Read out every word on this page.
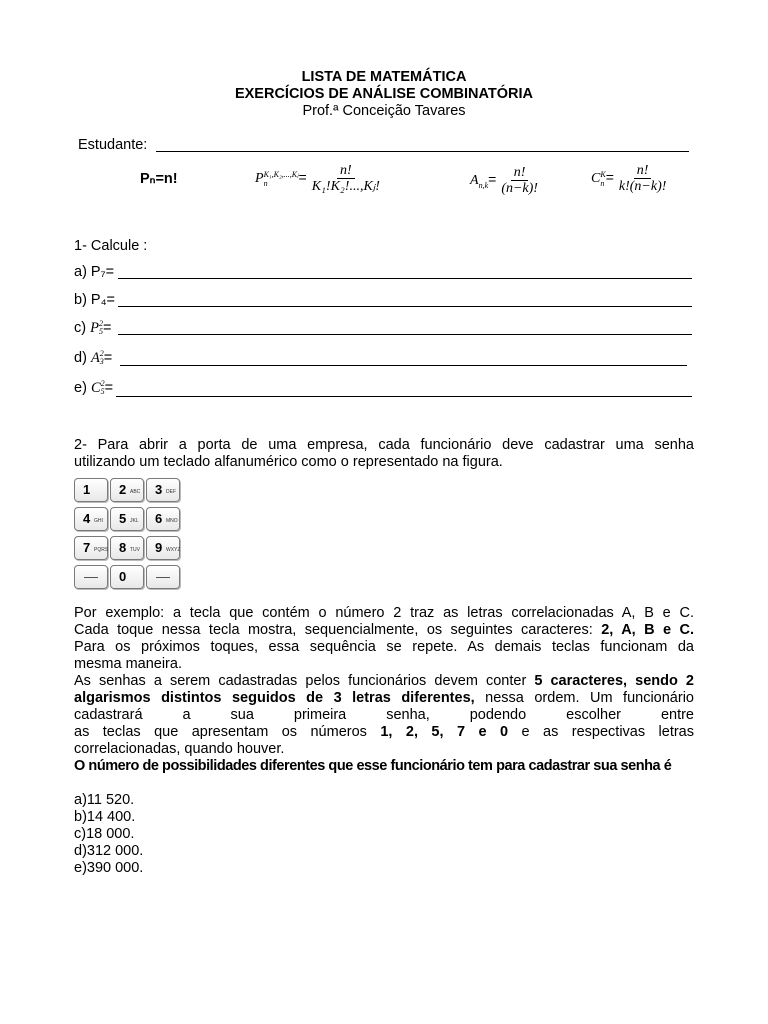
LISTA DE MATEMÁTICA
EXERCÍCIOS DE ANÁLISE COMBINATÓRIA
Prof.ª Conceição Tavares
Estudante:
Pₙ=n!	P K₁,K₂,...,Kⱼ
n	= $\frac{n!}{\text{K₁!K₂!...,Kⱼ!}}$	$A_{n,k}= \frac{n!}{(n-k)!}$	C K
$n = \frac{n!}{k!(n-k)!}$
1- Calcule :
a) P₇=
b) P₄=
c) P 2
5 =
d) A 2
3 =
e) C 2
5 =
2- Para abrir a porta de uma empresa, cada funcionário deve cadastrar uma senha
utilizando um teclado alfanumérico como o representado na figura.
1 2 ABC 3 DEF
4 GHI 5 JKL 6 MNO
7 PQRS 8 TUV 9 WXYZ
0
Por exemplo: a tecla que contém o número 2 traz as letras correlacionadas A, B e C.
Cada toque nessa tecla mostra, sequencialmente, os seguintes caracteres: 2, A, B e C.
Para os próximos toques, essa sequência se repete. As demais teclas funcionam da
mesma maneira.
As senhas a serem cadastradas pelos funcionários devem conter 5 caracteres, sendo 2
algarismos distintos seguidos de 3 letras diferentes, nessa ordem. Um funcionário
cadastrará a sua primeira senha, podendo escolher entre
as teclas que apresentam os números 1, 2, 5, 7 e 0 e as respectivas letras
correlacionadas, quando houver.
O número de possibilidades diferentes que esse funcionário tem para cadastrar sua senha é
a)11 520.
b)14 400.
c)18 000.
d)312 000.
e)390 000.
